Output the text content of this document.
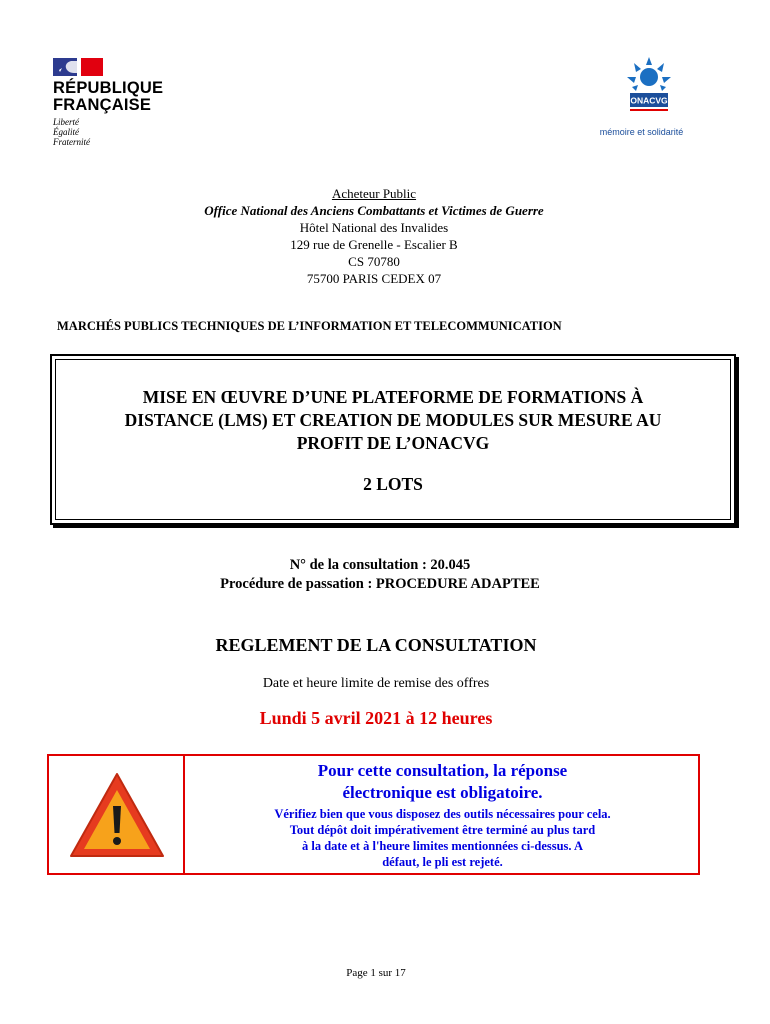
RÉPUBLIQUE
FRANÇAISE
Liberté
Égalité
Fraternité
ONACVG
mémoire et solidarité
Acheteur Public
Office National des Anciens Combattants et Victimes de Guerre
Hôtel National des Invalides
129 rue de Grenelle - Escalier B
CS 70780
75700 PARIS CEDEX 07
MARCHÉS PUBLICS TECHNIQUES DE L’INFORMATION ET TELECOMMUNICATION
MISE EN ŒUVRE D’UNE PLATEFORME DE FORMATIONS À
DISTANCE (LMS) ET CREATION DE MODULES SUR MESURE AU
PROFIT DE L’ONACVG
2 LOTS
N° de la consultation : 20.045
Procédure de passation : PROCEDURE ADAPTEE
REGLEMENT DE LA CONSULTATION
Date et heure limite de remise des offres
Lundi 5 avril 2021 à 12 heures
Pour cette consultation, la réponse
électronique est obligatoire.
Vérifiez bien que vous disposez des outils nécessaires pour cela.
Tout dépôt doit impérativement être terminé au plus tard
à la date et à l'heure limites mentionnées ci-dessus. A
défaut, le pli est rejeté.
Page 1 sur 17
